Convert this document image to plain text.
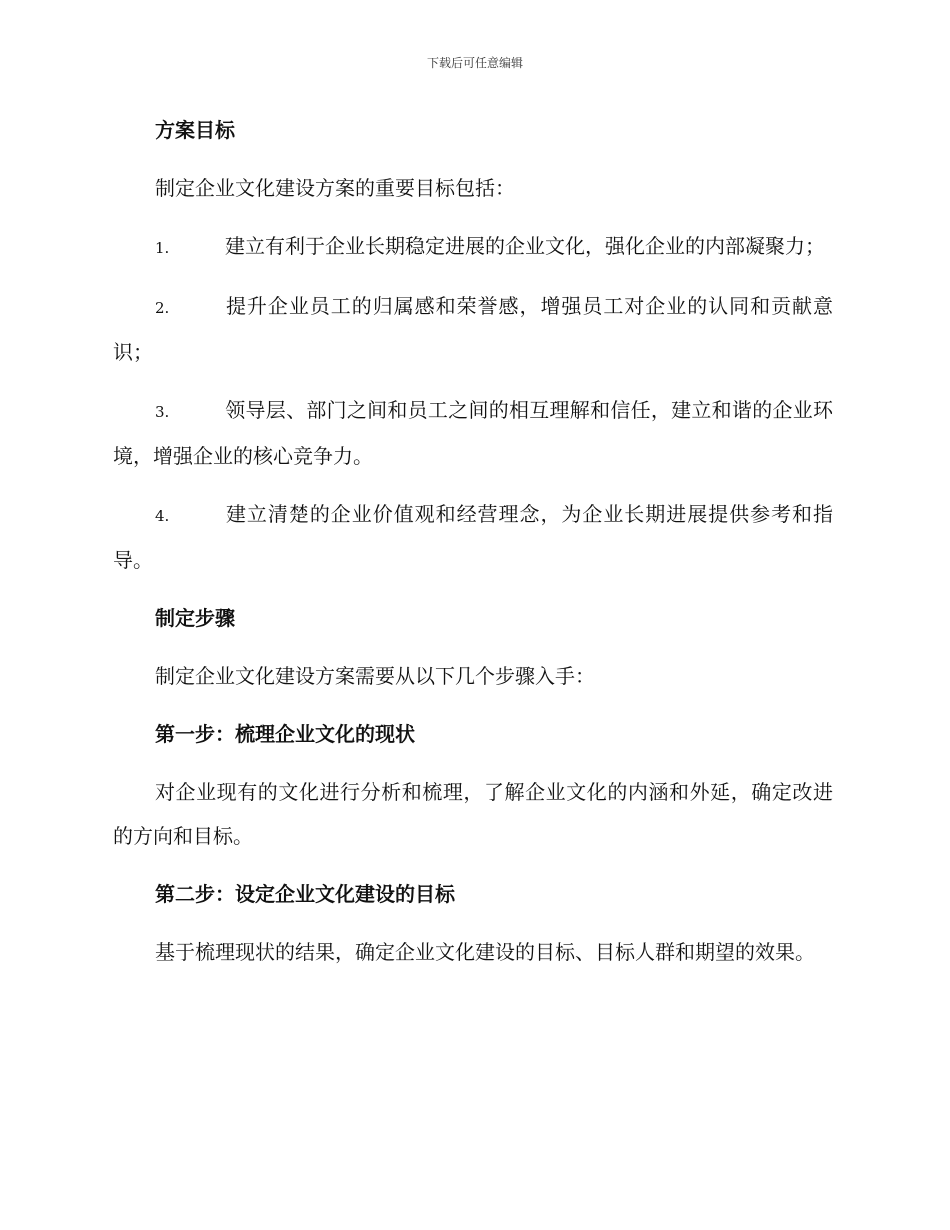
下载后可任意编辑

方案目标

制定企业文化建设方案的重要目标包括：

1.	建立有利于企业长期稳定进展的企业文化，强化企业的内部凝聚力；

2.	提升企业员工的归属感和荣誉感，增强员工对企业的认同和贡献意识；

3.	领导层、部门之间和员工之间的相互理解和信任，建立和谐的企业环境，增强企业的核心竞争力。

4.	建立清楚的企业价值观和经营理念，为企业长期进展提供参考和指导。

制定步骤

制定企业文化建设方案需要从以下几个步骤入手：

第一步：梳理企业文化的现状

对企业现有的文化进行分析和梳理，了解企业文化的内涵和外延，确定改进的方向和目标。

第二步：设定企业文化建设的目标

基于梳理现状的结果，确定企业文化建设的目标、目标人群和期望的效果。
